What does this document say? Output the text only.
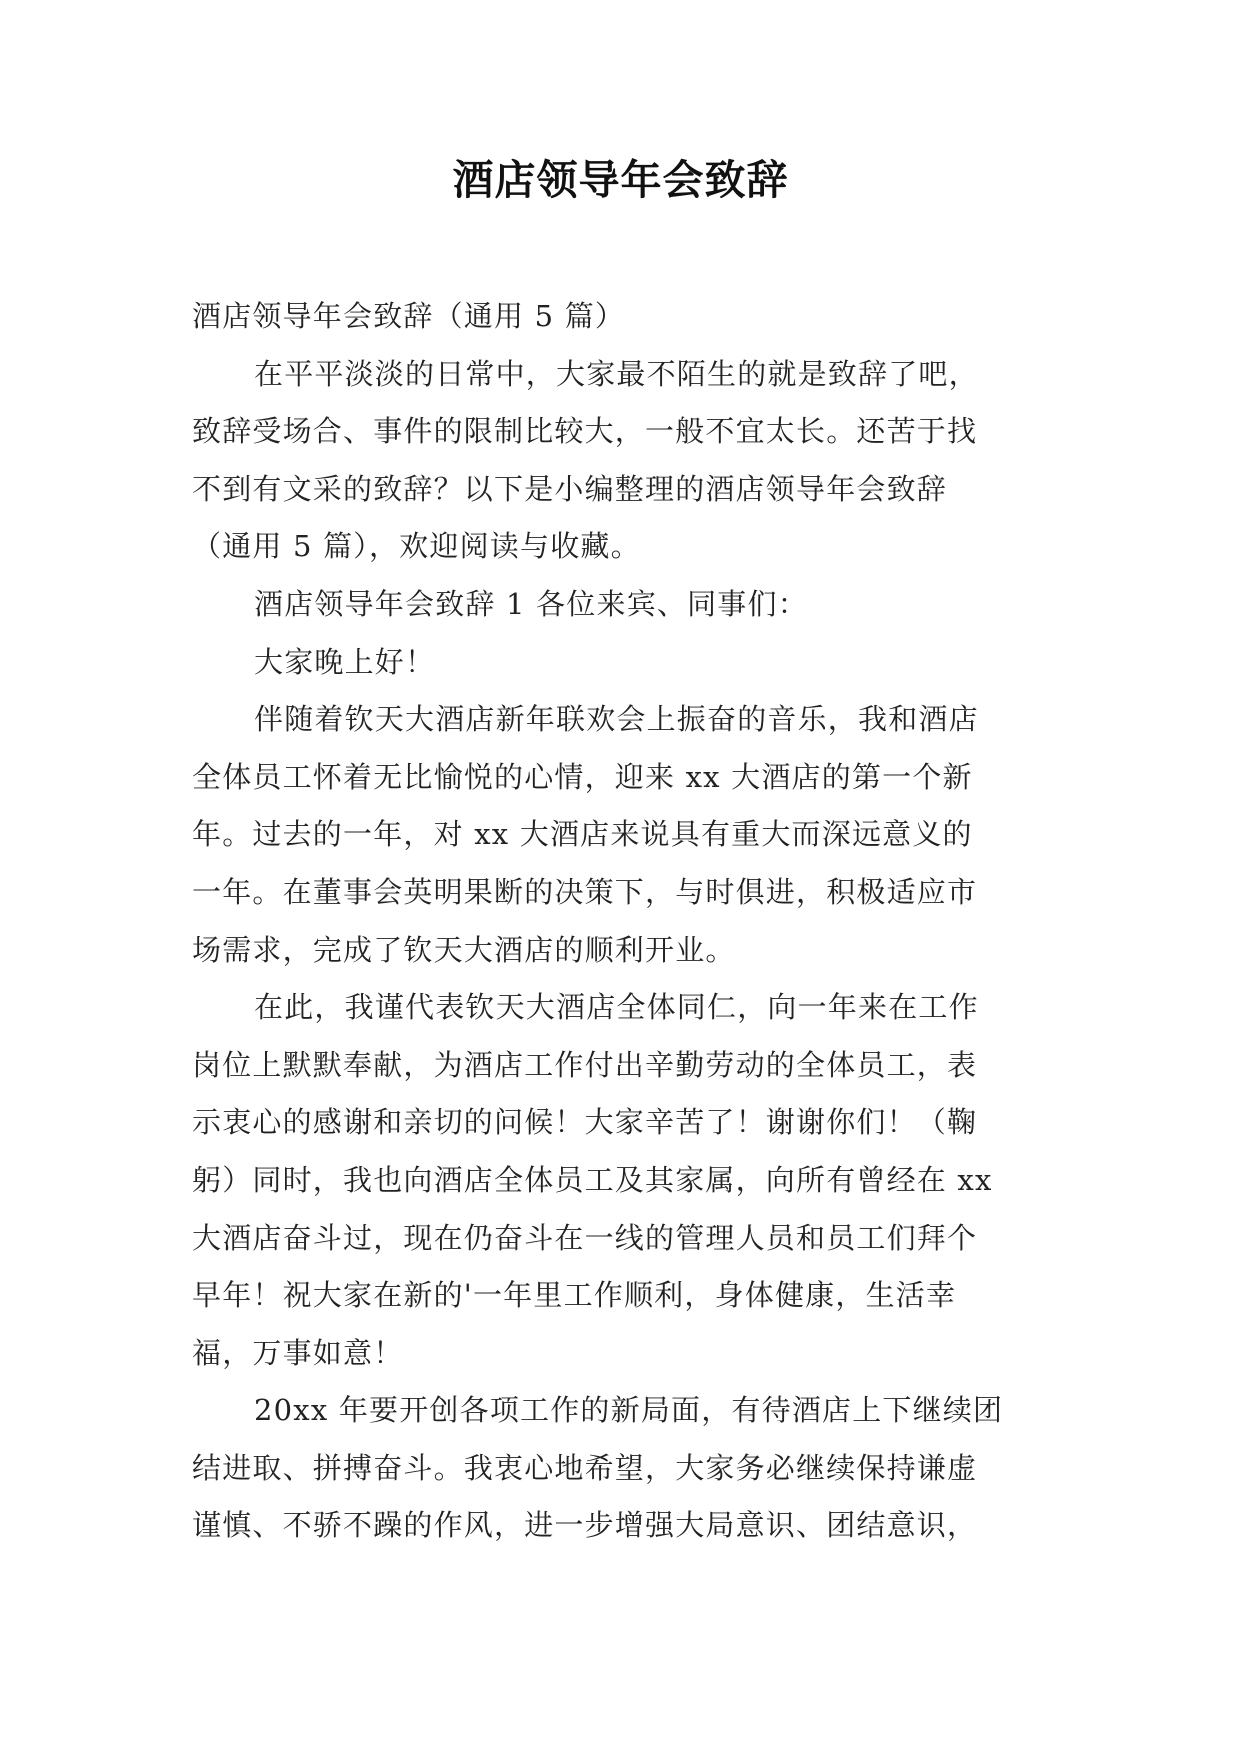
酒店领导年会致辞
酒店领导年会致辞（通用 5 篇）

在平平淡淡的日常中，大家最不陌生的就是致辞了吧，
致辞受场合、事件的限制比较大，一般不宜太长。还苦于找
不到有文采的致辞？以下是小编整理的酒店领导年会致辞
（通用 5 篇），欢迎阅读与收藏。

酒店领导年会致辞 1 各位来宾、同事们：

大家晚上好！

伴随着钦天大酒店新年联欢会上振奋的音乐，我和酒店
全体员工怀着无比愉悦的心情，迎来 xx 大酒店的第一个新
年。过去的一年，对 xx 大酒店来说具有重大而深远意义的
一年。在董事会英明果断的决策下，与时俱进，积极适应市
场需求，完成了钦天大酒店的顺利开业。

在此，我谨代表钦天大酒店全体同仁，向一年来在工作
岗位上默默奉献，为酒店工作付出辛勤劳动的全体员工，表
示衷心的感谢和亲切的问候！大家辛苦了！谢谢你们！（鞠
躬）同时，我也向酒店全体员工及其家属，向所有曾经在 xx
大酒店奋斗过，现在仍奋斗在一线的管理人员和员工们拜个
早年！祝大家在新的'一年里工作顺利，身体健康，生活幸
福，万事如意！

20xx 年要开创各项工作的新局面，有待酒店上下继续团
结进取、拼搏奋斗。我衷心地希望，大家务必继续保持谦虚
谨慎、不骄不躁的作风，进一步增强大局意识、团结意识，
